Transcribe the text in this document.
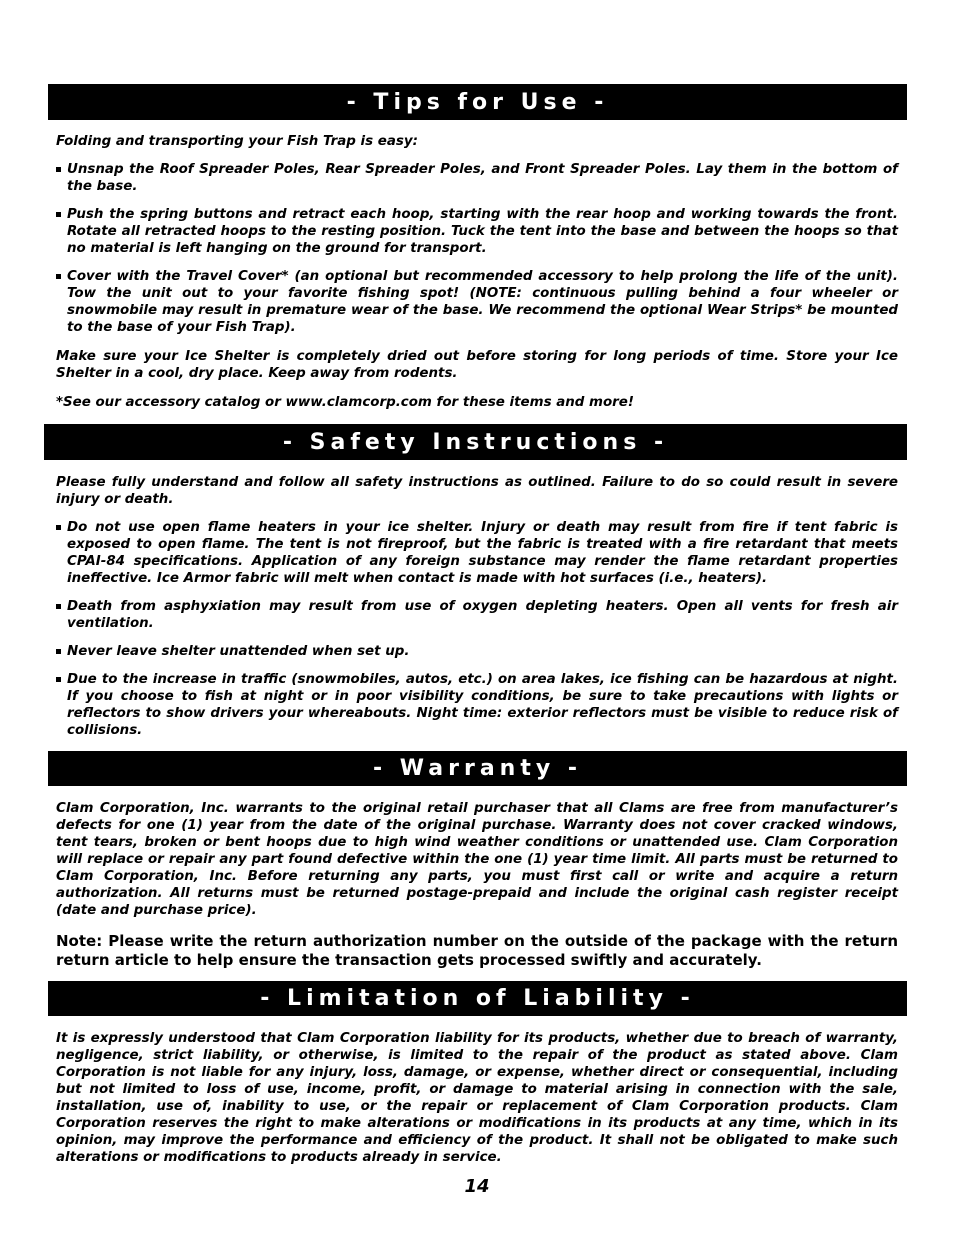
- Tips for Use -

Folding and transporting your Fish Trap is easy:

Unsnap the Roof Spreader Poles, Rear Spreader Poles, and Front Spreader Poles. Lay them in the bottom of the base.
Push the spring buttons and retract each hoop, starting with the rear hoop and working towards the front. Rotate all retracted hoops to the resting position. Tuck the tent into the base and between the hoops so that no material is left hanging on the ground for transport.
Cover with the Travel Cover* (an optional but recommended accessory to help prolong the life of the unit). Tow the unit out to your favorite fishing spot! (NOTE: continuous pulling behind a four wheeler or snowmobile may result in premature wear of the base. We recommend the optional Wear Strips* be mounted to the base of your Fish Trap).

Make sure your Ice Shelter is completely dried out before storing for long periods of time. Store your Ice Shelter in a cool, dry place. Keep away from rodents.

*See our accessory catalog or www.clamcorp.com for these items and more!

- Safety Instructions -

Please fully understand and follow all safety instructions as outlined. Failure to do so could result in severe injury or death.

Do not use open flame heaters in your ice shelter. Injury or death may result from fire if tent fabric is exposed to open flame. The tent is not fireproof, but the fabric is treated with a fire retardant that meets CPAI-84 specifications. Application of any foreign substance may render the flame retardant properties ineffective. Ice Armor fabric will melt when contact is made with hot surfaces (i.e., heaters).
Death from asphyxiation may result from use of oxygen depleting heaters. Open all vents for fresh air ventilation.
Never leave shelter unattended when set up.
Due to the increase in traffic (snowmobiles, autos, etc.) on area lakes, ice fishing can be hazardous at night. If you choose to fish at night or in poor visibility conditions, be sure to take precautions with lights or reflectors to show drivers your whereabouts. Night time: exterior reflectors must be visible to reduce risk of collisions.
- Warranty -

Clam Corporation, Inc. warrants to the original retail purchaser that all Clams are free from manufacturer’s defects for one (1) year from the date of the original purchase. Warranty does not cover cracked windows, tent tears, broken or bent hoops due to high wind weather conditions or unattended use. Clam Corporation will replace or repair any part found defective within the one (1) year time limit. All parts must be returned to Clam Corporation, Inc. Before returning any parts, you must first call or write and acquire a return authorization. All returns must be returned postage-prepaid and include the original cash register receipt (date and purchase price).

Note: Please write the return authorization number on the outside of the package with the return return article to help ensure the transaction gets processed swiftly and accurately.

- Limitation of Liability -

It is expressly understood that Clam Corporation liability for its products, whether due to breach of warranty, negligence, strict liability, or otherwise, is limited to the repair of the product as stated above. Clam Corporation is not liable for any injury, loss, damage, or expense, whether direct or consequential, including but not limited to loss of use, income, profit, or damage to material arising in connection with the sale, installation, use of, inability to use, or the repair or replacement of Clam Corporation products. Clam Corporation reserves the right to make alterations or modifications in its products at any time, which in its opinion, may improve the performance and efficiency of the product. It shall not be obligated to make such alterations or modifications to products already in service.

14
